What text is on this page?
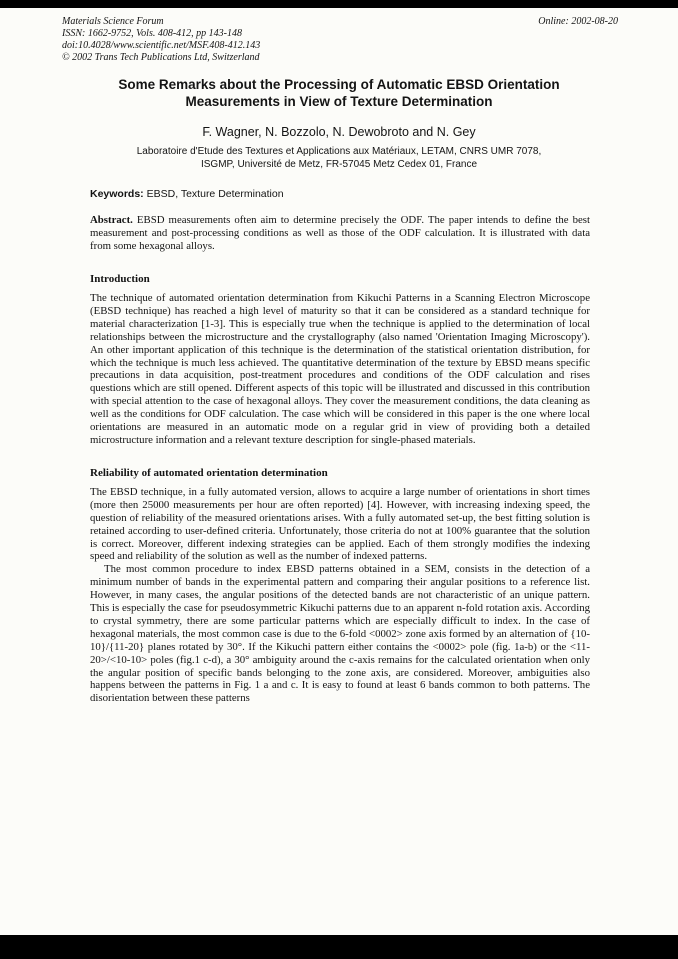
Materials Science Forum
ISSN: 1662-9752, Vols. 408-412, pp 143-148
doi:10.4028/www.scientific.net/MSF.408-412.143
© 2002 Trans Tech Publications Ltd, Switzerland
Online: 2002-08-20
Some Remarks about the Processing of Automatic EBSD Orientation Measurements in View of Texture Determination
F. Wagner, N. Bozzolo, N. Dewobroto and N. Gey
Laboratoire d'Etude des Textures et Applications aux Matériaux, LETAM, CNRS UMR 7078,
ISGMP, Université de Metz, FR-57045 Metz Cedex 01, France

Keywords: EBSD, Texture Determination

Abstract. EBSD measurements often aim to determine precisely the ODF. The paper intends to define the best measurement and post-processing conditions as well as those of the ODF calculation. It is illustrated with data from some hexagonal alloys.

Introduction

The technique of automated orientation determination from Kikuchi Patterns in a Scanning Electron Microscope (EBSD technique) has reached a high level of maturity so that it can be considered as a standard technique for material characterization [1-3]. This is especially true when the technique is applied to the determination of local relationships between the microstructure and the crystallography (also named 'Orientation Imaging Microscopy'). An other important application of this technique is the determination of the statistical orientation distribution, for which the technique is much less achieved. The quantitative determination of the texture by EBSD means specific precautions in data acquisition, post-treatment procedures and conditions of the ODF calculation and rises questions which are still opened. Different aspects of this topic will be illustrated and discussed in this contribution with special attention to the case of hexagonal alloys. They cover the measurement conditions, the data cleaning as well as the conditions for ODF calculation. The case which will be considered in this paper is the one where local orientations are measured in an automatic mode on a regular grid in view of providing both a detailed microstructure information and a relevant texture description for single-phased materials.

Reliability of automated orientation determination

The EBSD technique, in a fully automated version, allows to acquire a large number of orientations in short times (more then 25000 measurements per hour are often reported) [4]. However, with increasing indexing speed, the question of reliability of the measured orientations arises. With a fully automated set-up, the best fitting solution is retained according to user-defined criteria. Unfortunately, those criteria do not at 100% guarantee that the solution is correct. Moreover, different indexing strategies can be applied. Each of them strongly modifies the indexing speed and reliability of the solution as well as the number of indexed patterns.

The most common procedure to index EBSD patterns obtained in a SEM, consists in the detection of a minimum number of bands in the experimental pattern and comparing their angular positions to a reference list. However, in many cases, the angular positions of the detected bands are not characteristic of an unique pattern. This is especially the case for pseudosymmetric Kikuchi patterns due to an apparent n-fold rotation axis. According to crystal symmetry, there are some particular patterns which are especially difficult to index. In the case of hexagonal materials, the most common case is due to the 6-fold <0002> zone axis formed by an alternation of {10-10}/{11-20} planes rotated by 30°. If the Kikuchi pattern either contains the <0002> pole (fig. 1a-b) or the <11-20>/<10-10> poles (fig.1 c-d), a 30° ambiguity around the c-axis remains for the calculated orientation when only the angular position of specific bands belonging to the zone axis, are considered. Moreover, ambiguities also happens between the patterns in Fig. 1 a and c. It is easy to found at least 6 bands common to both patterns. The disorientation between these patterns
